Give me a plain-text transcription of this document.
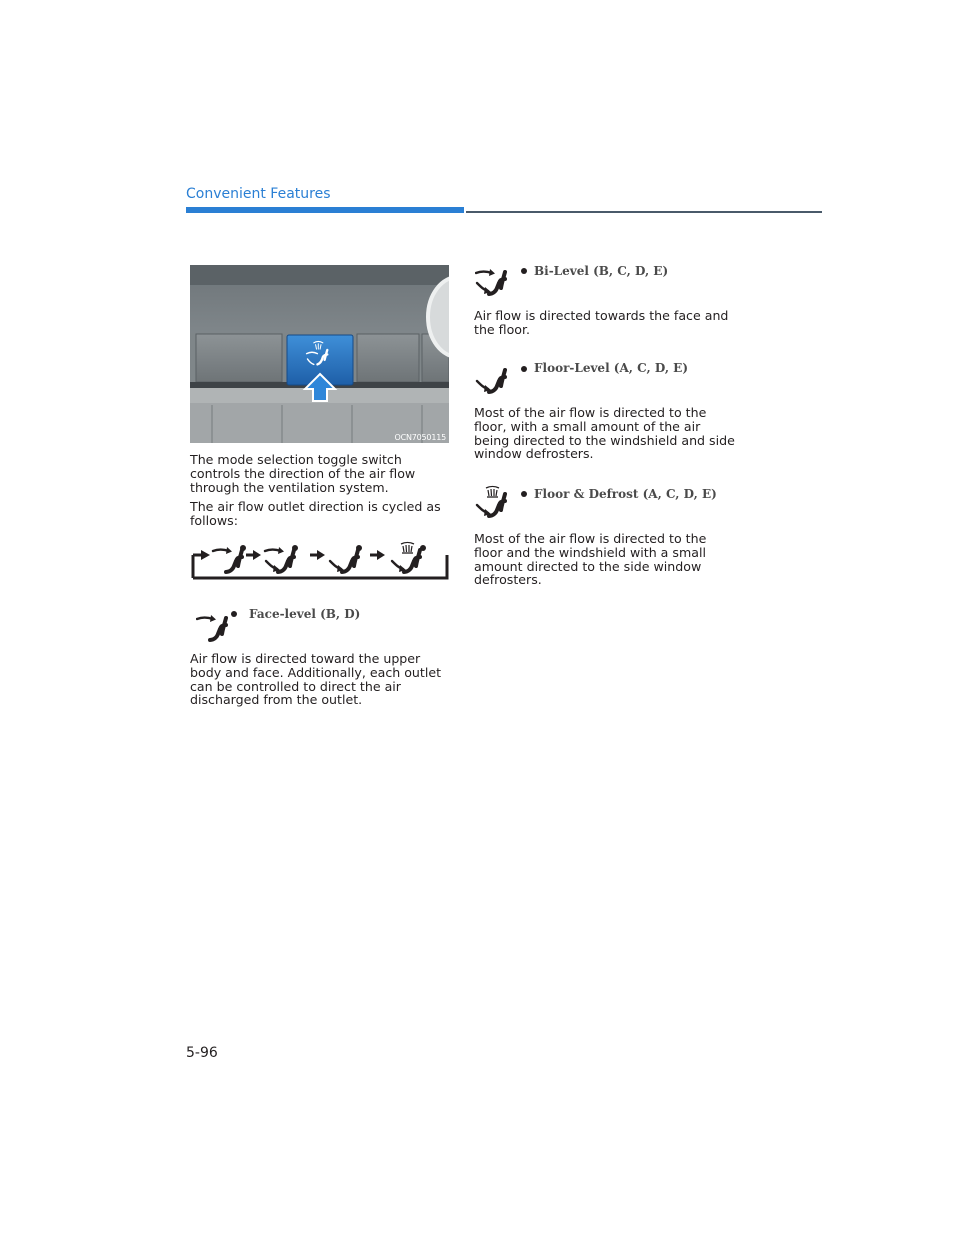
Convenient Features
OCN7050115
The mode selection toggle switch controls the direction of the air flow through the ventilation system.
The air flow outlet direction is cycled as follows:
Face-level (B, D)
Air flow is directed toward the upper body and face. Additionally, each outlet can be controlled to direct the air discharged from the outlet.
Bi-Level (B, C, D, E)
Air flow is directed towards the face and the floor.
Floor-Level (A, C, D, E)
Most of the air flow is directed to the floor, with a small amount of the air being directed to the windshield and side window defrosters.
Floor & Defrost (A, C, D, E)
Most of the air flow is directed to the floor and the windshield with a small amount directed to the side window defrosters.
5-96
